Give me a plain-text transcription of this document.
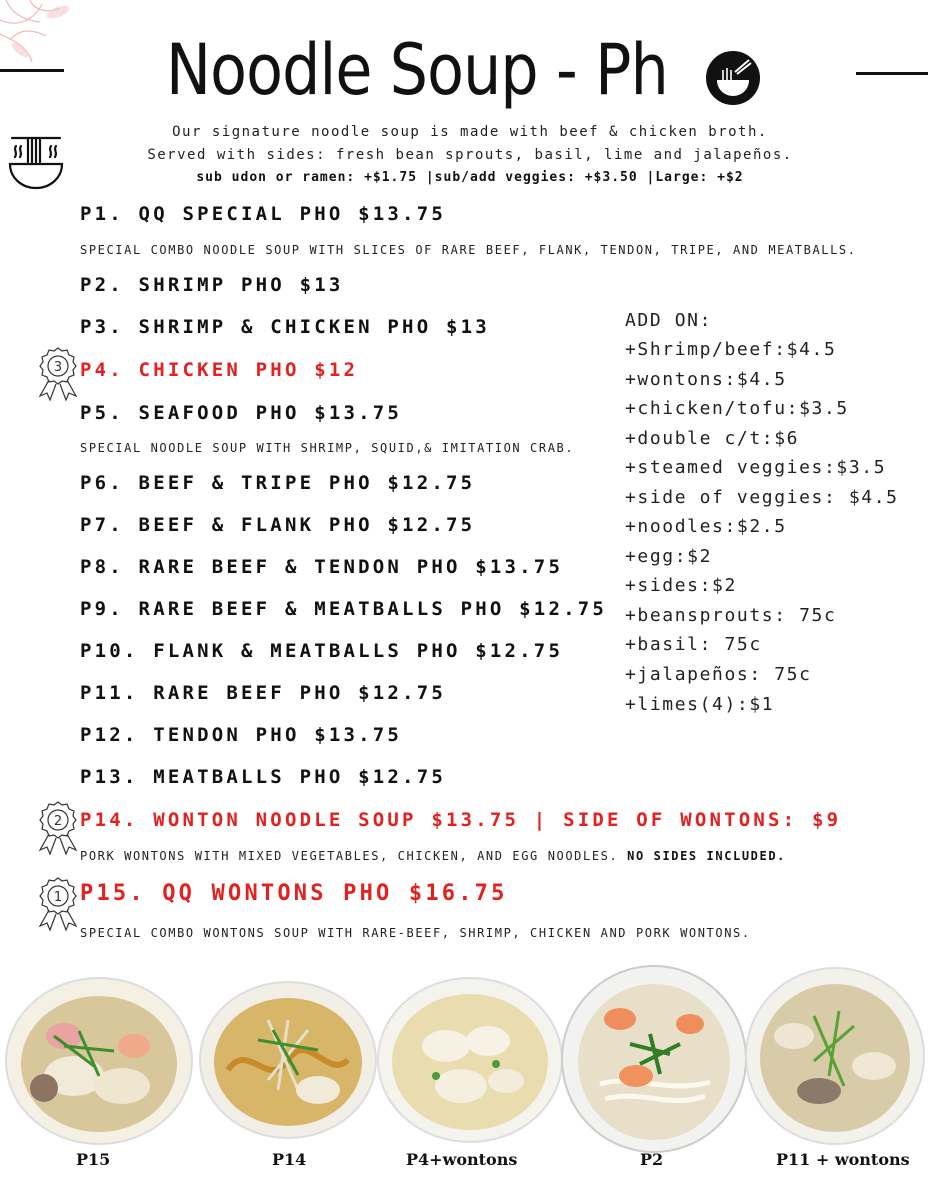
Noodle Soup - Ph
Our signature noodle soup is made with beef & chicken broth.
Served with sides: fresh bean sprouts, basil, lime and jalapeños.
sub udon or ramen: +$1.75 |sub/add veggies: +$3.50 |Large: +$2
P1. QQ SPECIAL PHO $13.75
SPECIAL COMBO NOODLE SOUP WITH SLICES OF RARE BEEF, FLANK, TENDON, TRIPE, AND MEATBALLS.
P2. SHRIMP PHO $13
P3. SHRIMP & CHICKEN PHO $13
P4. CHICKEN PHO $12
P5. SEAFOOD PHO $13.75
SPECIAL NOODLE SOUP WITH SHRIMP, SQUID,& IMITATION CRAB.
P6. BEEF & TRIPE PHO $12.75
P7. BEEF & FLANK PHO $12.75
P8. RARE BEEF & TENDON PHO $13.75
P9. RARE BEEF & MEATBALLS PHO $12.75
P10. FLANK & MEATBALLS PHO $12.75
P11. RARE BEEF PHO $12.75
P12. TENDON PHO $13.75
P13. MEATBALLS PHO $12.75
P14. WONTON NOODLE SOUP $13.75 | SIDE OF WONTONS: $9
PORK WONTONS WITH MIXED VEGETABLES, CHICKEN, AND EGG NOODLES. NO SIDES INCLUDED.
P15. QQ WONTONS PHO $16.75
SPECIAL COMBO WONTONS SOUP WITH RARE-BEEF, SHRIMP, CHICKEN AND PORK WONTONS.
3
2
1
ADD ON:
+Shrimp/beef:$4.5
+wontons:$4.5
+chicken/tofu:$3.5
+double c/t:$6
+steamed veggies:$3.5
+side of veggies: $4.5
+noodles:$2.5
+egg:$2
+sides:$2
+beansprouts: 75c
+basil: 75c
+jalapeños: 75c
+limes(4):$1
P15	P14	P4+wontons	P2	P11 + wontons
